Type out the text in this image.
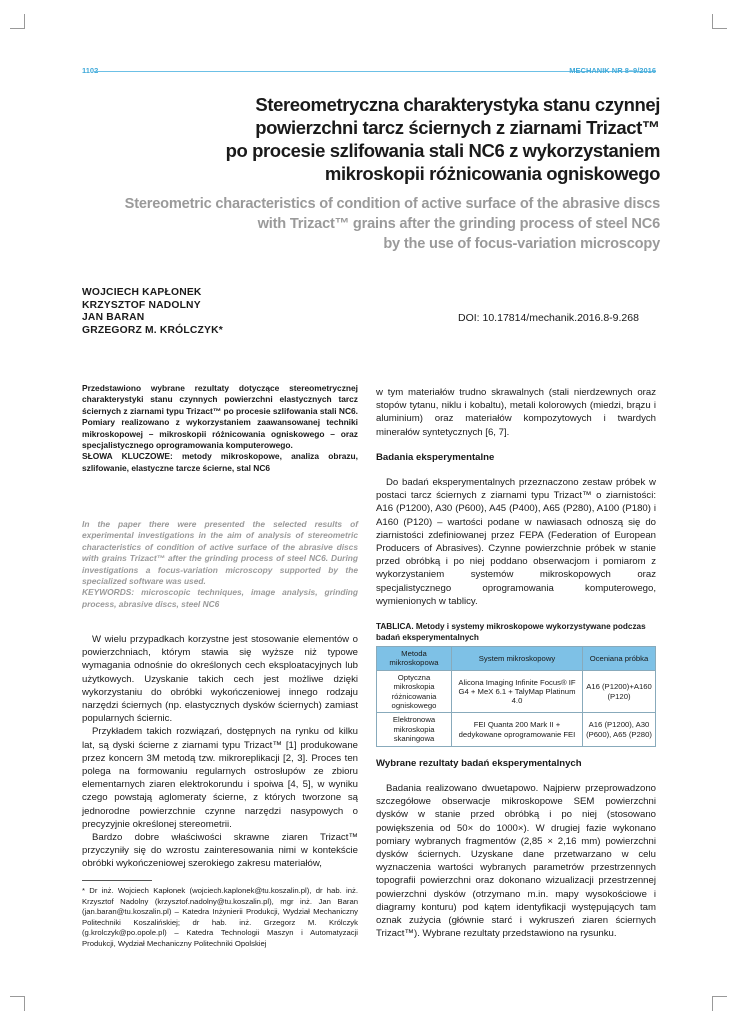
1102	MECHANIK NR 8–9/2016
Stereometryczna charakterystyka stanu czynnej
powierzchni tarcz ściernych z ziarnami Trizact™
po procesie szlifowania stali NC6 z wykorzystaniem
mikroskopii różnicowania ogniskowego
Stereometric characteristics of condition of active surface of the abrasive discs
with Trizact™ grains after the grinding process of steel NC6
by the use of focus-variation microscopy
WOJCIECH KAPŁONEK
KRZYSZTOF NADOLNY
JAN BARAN
GRZEGORZ M. KRÓLCZYK*
DOI: 10.17814/mechanik.2016.8-9.268
Przedstawiono wybrane rezultaty dotyczące stereometrycznej charakterystyki stanu czynnych powierzchni elastycznych tarcz ściernych z ziarnami typu Trizact™ po procesie szlifowania stali NC6. Pomiary realizowano z wykorzystaniem zaawansowanej techniki mikroskopowej – mikroskopii różnicowania ogniskowego – oraz specjalistycznego oprogramowania komputerowego.
SŁOWA KLUCZOWE: metody mikroskopowe, analiza obrazu, szlifowanie, elastyczne tarcze ścierne, stal NC6
In the paper there were presented the selected results of experimental investigations in the aim of analysis of stereometric characteristics of condition of active surface of the abrasive discs with grains Trizact™ after the grinding process of steel NC6. During investigations a focus-variation microscopy supported by the specialized software was used.
KEYWORDS: microscopic techniques, image analysis, grinding process, abrasive discs, steel NC6

W wielu przypadkach korzystne jest stosowanie elementów o powierzchniach, którym stawia się wyższe niż typowe wymagania odnośnie do określonych cech eksploatacyjnych lub użytkowych. Uzyskanie takich cech jest możliwe dzięki wykorzystaniu do obróbki wykończeniowej innego rodzaju narzędzi ściernych (np. elastycznych dysków ściernych) zamiast popularnych ściernic.

Przykładem takich rozwiązań, dostępnych na rynku od kilku lat, są dyski ścierne z ziarnami typu Trizact™ [1] produkowane przez koncern 3M metodą tzw. mikroreplikacji [2, 3]. Proces ten polega na formowaniu regularnych ostrosłupów ze zbioru elementarnych ziaren elektrokorundu i spoiwa [4, 5], w wyniku czego powstają aglomeraty ścierne, z których tworzone są jednorodne powierzchnie czynne narzędzi nasypowych o precyzyjnie określonej stereometrii.

Bardzo dobre właściwości skrawne ziaren Trizact™ przyczyniły się do wzrostu zainteresowania nimi w kontekście obróbki wykończeniowej szerokiego zakresu materiałów,

* Dr inż. Wojciech Kapłonek (wojciech.kaplonek@tu.koszalin.pl), dr hab. inż. Krzysztof Nadolny (krzysztof.nadolny@tu.koszalin.pl), mgr inż. Jan Baran (jan.baran@tu.koszalin.pl) – Katedra Inżynierii Produkcji, Wydział Mechaniczny Politechniki Koszalińskiej; dr hab. inż. Grzegorz M. Królczyk (g.krolczyk@po.opole.pl) – Katedra Technologii Maszyn i Automatyzacji Produkcji, Wydział Mechaniczny Politechniki Opolskiej
w tym materiałów trudno skrawalnych (stali nierdzewnych oraz stopów tytanu, niklu i kobaltu), metali kolorowych (miedzi, brązu i aluminium) oraz materiałów kompozytowych i twardych minerałów syntetycznych [6, 7].
Badania eksperymentalne

Do badań eksperymentalnych przeznaczono zestaw próbek w postaci tarcz ściernych z ziarnami typu Trizact™ o ziarnistości: A16 (P1200), A30 (P600), A45 (P400), A65 (P280), A100 (P180) i A160 (P120) – wartości podane w nawiasach odnoszą się do ziarnistości zdefiniowanej przez FEPA (Federation of European Producers of Abrasives). Czynne powierzchnie próbek w stanie przed obróbką i po niej poddano obserwacjom i pomiarom z wykorzystaniem systemów mikroskopowych oraz specjalistycznego oprogramowania komputerowego, wymienionych w tablicy.

TABLICA. Metody i systemy mikroskopowe wykorzystywane podczas badań eksperymentalnych
Metoda mikroskopowa	System mikroskopowy	Oceniana próbka
Optyczna mikroskopia różnicowania ogniskowego	Alicona Imaging Infinite Focus® IF G4 + MeX 6.1 + TalyMap Platinum 4.0	A16 (P1200)+A160 (P120)
Elektronowa mikroskopia skaningowa	FEI Quanta 200 Mark II + dedykowane oprogramowanie FEI	A16 (P1200), A30 (P600), A65 (P280)
Wybrane rezultaty badań eksperymentalnych

Badania realizowano dwuetapowo. Najpierw przeprowadzono szczegółowe obserwacje mikroskopowe SEM powierzchni dysków w stanie przed obróbką i po niej (stosowano powiększenia od 50× do 1000×). W drugiej fazie wykonano pomiary wybranych fragmentów (2,85 × 2,16 mm) powierzchni dysków ściernych. Uzyskane dane przetwarzano w celu wyznaczenia wartości wybranych parametrów przestrzennych topografii powierzchni oraz dokonano wizualizacji przestrzennej powierzchni dysków (otrzymano m.in. mapy wysokościowe i diagramy konturu) pod kątem identyfikacji występujących tam oznak zużycia (głównie starć i wykruszeń ziaren ściernych Trizact™). Wybrane rezultaty przedstawiono na rysunku.
